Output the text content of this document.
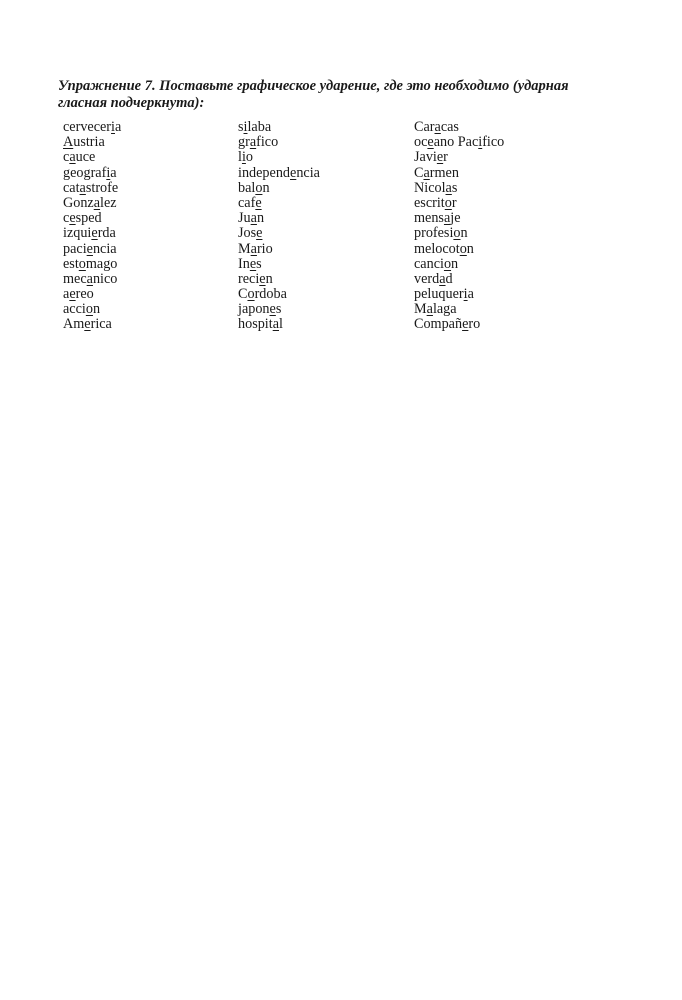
Упражнение 7. Поставьте графическое ударение, где это необходимо (ударная гласная подчеркнута):
cerveceria
Austria
cauce
geografia
catastrofe
Gonzalez
cesped
izquierda
paciencia
estomago
mecanico
aereo
accion
America
silaba
grafico
lio
independencia
balon
cafe
Juan
Jose
Mario
Ines
recien
Cordoba
japones
hospital
Caracas
oceano Pacifico
Javier
Carmen
Nicolas
escritor
mensaje
profesion
melocoton
cancion
verdad
peluqueria
Malaga
Compañero
